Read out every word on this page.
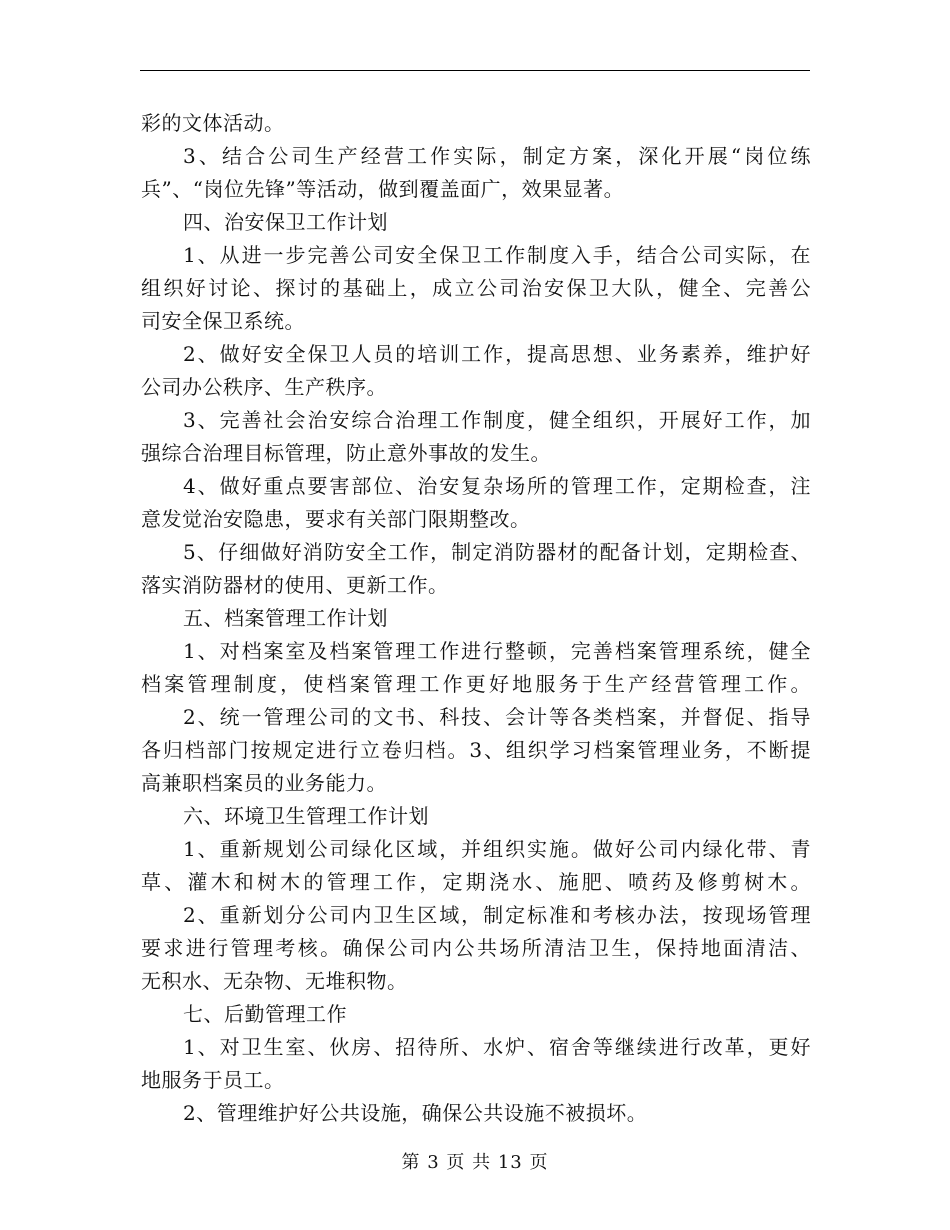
彩的文体活动。
3、结合公司生产经营工作实际，制定方案，深化开展“岗位练
兵”、“岗位先锋”等活动，做到覆盖面广，效果显著。
四、治安保卫工作计划
1、从进一步完善公司安全保卫工作制度入手，结合公司实际，在
组织好讨论、探讨的基础上，成立公司治安保卫大队，健全、完善公
司安全保卫系统。
2、做好安全保卫人员的培训工作，提高思想、业务素养，维护好
公司办公秩序、生产秩序。
3、完善社会治安综合治理工作制度，健全组织，开展好工作，加
强综合治理目标管理，防止意外事故的发生。
4、做好重点要害部位、治安复杂场所的管理工作，定期检查，注
意发觉治安隐患，要求有关部门限期整改。
5、仔细做好消防安全工作，制定消防器材的配备计划，定期检查、
落实消防器材的使用、更新工作。
五、档案管理工作计划
1、对档案室及档案管理工作进行整顿，完善档案管理系统，健全
档案管理制度，使档案管理工作更好地服务于生产经营管理工作。
2、统一管理公司的文书、科技、会计等各类档案，并督促、指导
各归档部门按规定进行立卷归档。3、组织学习档案管理业务，不断提
高兼职档案员的业务能力。
六、环境卫生管理工作计划
1、重新规划公司绿化区域，并组织实施。做好公司内绿化带、青
草、灌木和树木的管理工作，定期浇水、施肥、喷药及修剪树木。
2、重新划分公司内卫生区域，制定标准和考核办法，按现场管理
要求进行管理考核。确保公司内公共场所清洁卫生，保持地面清洁、
无积水、无杂物、无堆积物。
七、后勤管理工作
1、对卫生室、伙房、招待所、水炉、宿舍等继续进行改革，更好
地服务于员工。
2、管理维护好公共设施，确保公共设施不被损坏。
第 3 页 共 13 页
